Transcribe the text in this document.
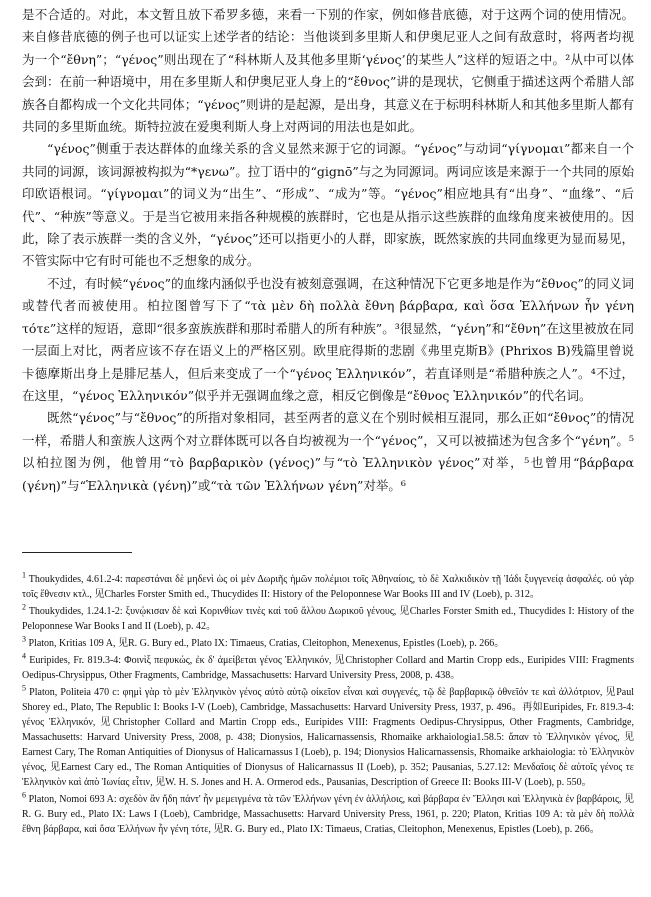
是不合适的。对此，本文暂且放下希罗多德，来看一下别的作家，例如修昔底德，对于这两个词的使用情况。来自修昔底德的例子也可以证实上述学者的结论：当他谈到多里斯人和伊奥尼亚人之间有敌意时，将两者均视为一个“ἔθνη”；“γένος”则出现在了“科林斯人及其他多里斯‘γένος’的某些人”这样的短语之中。²从中可以体会到：在前一种语境中，用在多里斯人和伊奥尼亚人身上的“ἔθνος”讲的是现状，它侧重于描述这两个希腊人部族各自都构成一个文化共同体；“γένος”则讲的是起源，是出身，其意义在于标明科林斯人和其他多里斯人都有共同的多里斯血统。斯特拉波在爱奥利斯人身上对两词的用法也是如此。

“γένος”侧重于表达群体的血缘关系的含义显然来源于它的词源。“γένος”与动词“γίγνομαι”都来自一个共同的词源，该词源被构拟为“*γενω”。拉丁语中的“gignō”与之为同源词。两词应该是来源于一个共同的原始印欧语根词。“γίγνομαι”的词义为“出生”、“形成”、“成为”等。“γένος”相应地具有“出身”、“血缘”、“后代”、“种族”等意义。于是当它被用来指各种规模的族群时，它也是从指示这些族群的血缘角度来被使用的。因此，除了表示族群一类的含义外，“γένος”还可以指更小的人群，即家族，既然家族的共同血缘更为显而易见，不管实际中它有时可能也不乏想象的成分。

不过，有时候“γένος”的血缘内涵似乎也没有被刻意强调，在这种情况下它更多地是作为“ἔθνος”的同义词或替代者而被使用。柏拉图曾写下了“τὰ μὲν δὴ πολλὰ ἔθνη βάρβαρα, καὶ ὅσα Ἑλλήνων ἦν γένη τότε”这样的短语，意即“很多蛮族族群和那时希腊人的所有种族”。³很显然，“γένη”和“ἔθνη”在这里被放在同一层面上对比，两者应该不存在语义上的严格区别。欧里庇得斯的悲剧《弗里克斯B》(Phrixos B)残篇里曾说卡德摩斯出身上是腓尼基人，但后来变成了一个“γένος Ἑλληνικόν”，若直译则是“希腊种族之人”。⁴不过，在这里，“γένος Ἑλληνικόν”似乎并无强调血缘之意，相反它倒像是“ἔθνος Ἑλληνικόν”的代名词。

既然“γένος”与“ἔθνος”的所指对象相同，甚至两者的意义在个别时候相互混同，那么正如“ἔθνος”的情况一样，希腊人和蛮族人这两个对立群体既可以各自均被视为一个“γένος”，又可以被描述为包含多个“γένη”。⁵以柏拉图为例，他曾用“τὸ βαρβαρικὸν (γένος)”与“τὸ Ἑλληνικὸν γένος”对举，⁵也曾用“βάρβαρα (γένη)”与“Ἑλληνικὰ (γένη)”或“τὰ τῶν Ἑλλήνων γένη”对举。⁶

$^1$ Thoukydides, 4.61.2-4: παρεστάναι δὲ μηδενὶ ὡς οἱ μὲν Δωριῆς ἡμῶν πολέμιοι τοῖς Ἀθηναίοις, τὸ δὲ Χαλκιδικὸν τῇ Ἰάδι ξυγγενείᾳ ἀσφαλές. οὐ γὰρ τοῖς ἔθνεσιν κτλ., 见Charles Forster Smith ed., Thucydides II: History of the Peloponnese War Books III and IV (Loeb), p. 312。

$^2$ Thoukydides, 1.24.1-2: ξυνῴκισαν δὲ καὶ Κορινθίων τινὲς καὶ τοῦ ἄλλου Δωρικοῦ γένους, 见Charles Forster Smith ed., Thucydides I: History of the Peloponnese War Books I and II (Loeb), p. 42。

$^3$ Platon, Kritias 109 A, 见R. G. Bury ed., Plato IX: Timaeus, Cratias, Cleitophon, Menexenus, Epistles (Loeb), p. 266。

$^4$ Euripides, Fr. 819.3-4: Φοινὶξ πεφυκώς, ἐκ δ' ἀμείβεται γένος Ἑλληνικόν, 见Christopher Collard and Martin Cropp eds., Euripides VIII: Fragments Oedipus-Chrysippus, Other Fragments, Cambridge, Massachusetts: Harvard University Press, 2008, p. 438。

$^5$ Platon, Politeia 470 c: φημὶ γὰρ τὸ μὲν Ἑλληνικὸν γένος αὐτὸ αὑτῷ οἰκεῖον εἶναι καὶ συγγενές, τῷ δὲ βαρβαρικῷ ὀθνεῖόν τε καὶ ἀλλότριον, 见Paul Shorey ed., Plato, The Republic I: Books I-V (Loeb), Cambridge, Massachusetts: Harvard University Press, 1937, p. 496。再如Euripides, Fr. 819.3-4: γένος Ἑλληνικόν, 见Christopher Collard and Martin Cropp eds., Euripides VIII: Fragments Oedipus-Chrysippus, Other Fragments, Cambridge, Massachusetts: Harvard University Press, 2008, p. 438; Dionysios, Halicarnassensis, Rhomaike arkhaiologia1.58.5: ἅπαν τὸ Ἑλληνικὸν γένος, 见Earnest Cary, The Roman Antiquities of Dionysus of Halicarnassus I (Loeb), p. 194; Dionysios Halicarnassensis, Rhomaike arkhaiologia: τὸ Ἑλληνικὸν γένος, 见Earnest Cary ed., The Roman Antiquities of Dionysus of Halicarnassus II (Loeb), p. 352; Pausanias, 5.27.12: Μενδαῖοις δὲ αὐτοῖς γένος τε Ἑλληνικὸν καὶ ἀπὸ Ἰωνίας εἶτιν, 见W. H. S. Jones and H. A. Ormerod eds., Pausanias, Description of Greece II: Books III-V (Loeb), p. 550。

$^6$ Platon, Nomoi 693 A: σχεδὸν ἂν ἤδη πάντ' ἦν μεμειγμένα τὰ τῶν Ἑλλήνων γένη ἐν ἀλλήλοις, καὶ βάρβαρα ἐν Ἕλλησι καὶ Ἑλληνικὰ ἐν βαρβάροις, 见R. G. Bury ed., Plato IX: Laws I (Loeb), Cambridge, Massachusetts: Harvard University Press, 1961, p. 220; Platon, Kritias 109 A: τὰ μὲν δὴ πολλὰ ἔθνη βάρβαρα, καὶ ὅσα Ἑλλήνων ἦν γένη τότε, 见R. G. Bury ed., Plato IX: Timaeus, Cratias, Cleitophon, Menexenus, Epistles (Loeb), p. 266。
